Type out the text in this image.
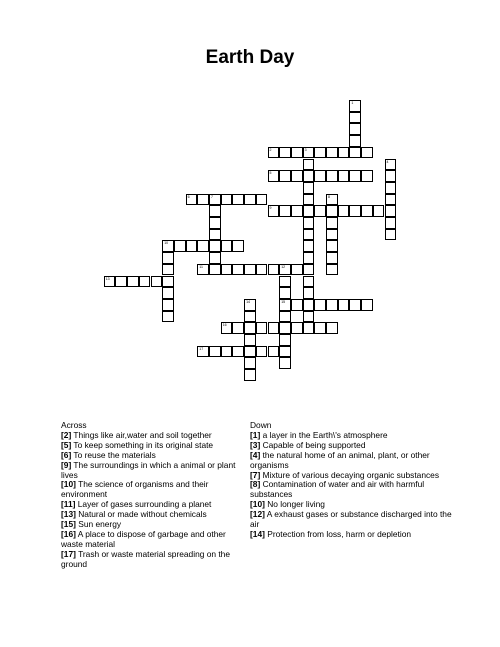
Earth Day
2	3
5
6	7
9
10
11	12
13
15
16
17
1
4
8
14
Across
[2] Things like air,water and soil together
[5] To keep something in its original state
[6] To reuse the materials
[9] The surroundings in which a animal or plant lives
[10] The science of organisms and their environment
[11] Layer of gases surrounding a planet
[13] Natural or made without chemicals
[15] Sun energy
[16] A place to dispose of garbage and other waste material
[17] Trash or waste material spreading on the ground
Down
[1] a layer in the Earth\'s atmosphere
[3] Capable of being supported
[4] the natural home of an animal, plant, or other organisms
[7] Mixture of various decaying organic substances
[8] Contamination of water and air with harmful substances
[10] No longer living
[12] A exhaust gases or substance discharged into the air
[14] Protection from loss, harm or depletion
